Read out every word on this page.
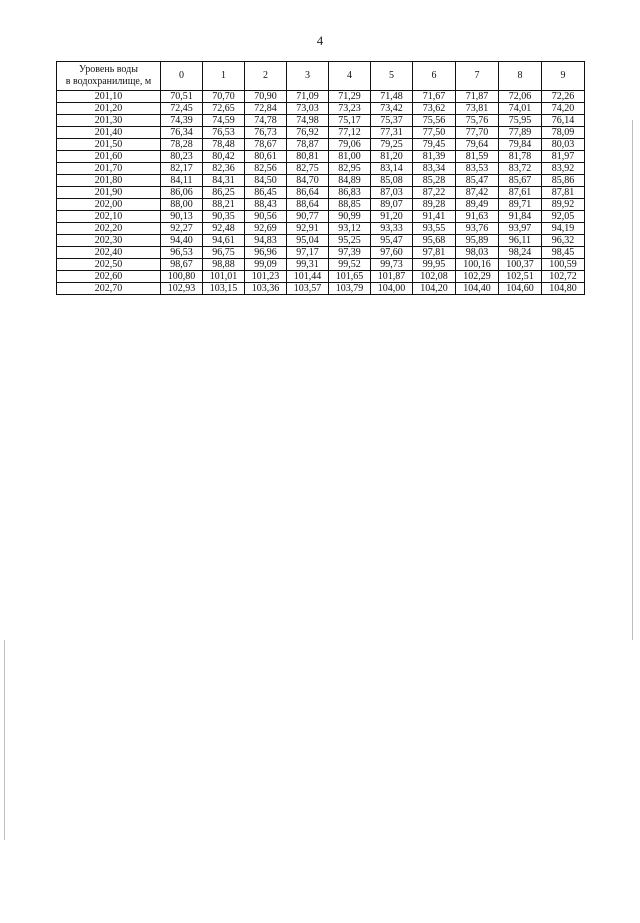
4
Уровень воды
в водохранилище, м	0	1	2	3	4	5	6	7	8	9
201,10	70,51	70,70	70,90	71,09	71,29	71,48	71,67	71,87	72,06	72,26
201,20	72,45	72,65	72,84	73,03	73,23	73,42	73,62	73,81	74,01	74,20
201,30	74,39	74,59	74,78	74,98	75,17	75,37	75,56	75,76	75,95	76,14
201,40	76,34	76,53	76,73	76,92	77,12	77,31	77,50	77,70	77,89	78,09
201,50	78,28	78,48	78,67	78,87	79,06	79,25	79,45	79,64	79,84	80,03
201,60	80,23	80,42	80,61	80,81	81,00	81,20	81,39	81,59	81,78	81,97
201,70	82,17	82,36	82,56	82,75	82,95	83,14	83,34	83,53	83,72	83,92
201,80	84,11	84,31	84,50	84,70	84,89	85,08	85,28	85,47	85,67	85,86
201,90	86,06	86,25	86,45	86,64	86,83	87,03	87,22	87,42	87,61	87,81
202,00	88,00	88,21	88,43	88,64	88,85	89,07	89,28	89,49	89,71	89,92
202,10	90,13	90,35	90,56	90,77	90,99	91,20	91,41	91,63	91,84	92,05
202,20	92,27	92,48	92,69	92,91	93,12	93,33	93,55	93,76	93,97	94,19
202,30	94,40	94,61	94,83	95,04	95,25	95,47	95,68	95,89	96,11	96,32
202,40	96,53	96,75	96,96	97,17	97,39	97,60	97,81	98,03	98,24	98,45
202,50	98,67	98,88	99,09	99,31	99,52	99,73	99,95	100,16	100,37	100,59
202,60	100,80	101,01	101,23	101,44	101,65	101,87	102,08	102,29	102,51	102,72
202,70	102,93	103,15	103,36	103,57	103,79	104,00	104,20	104,40	104,60	104,80
